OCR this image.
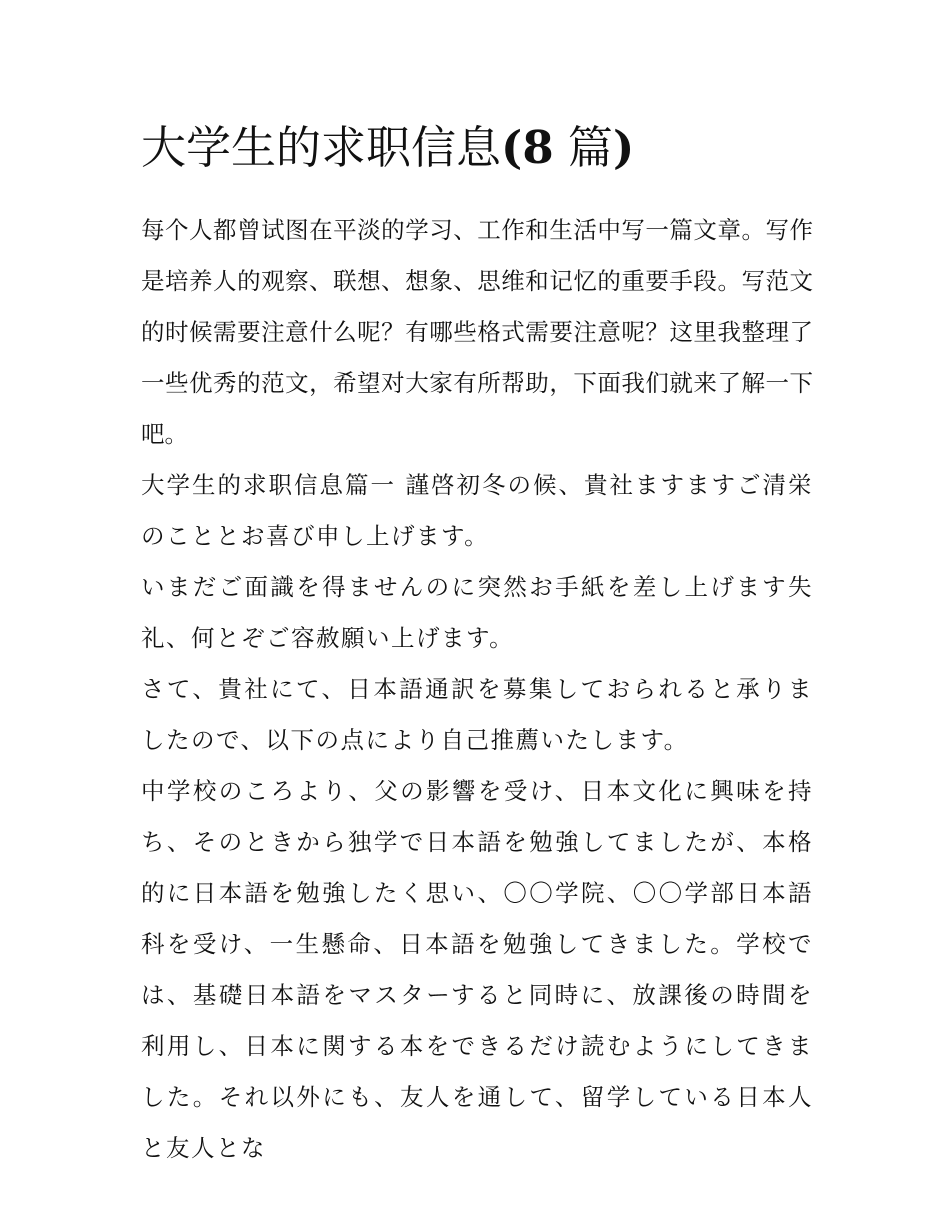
大学生的求职信息(8 篇)

每个人都曾试图在平淡的学习、工作和生活中写一篇文章。写作是培养人的观察、联想、想象、思维和记忆的重要手段。写范文的时候需要注意什么呢？有哪些格式需要注意呢？这里我整理了一些优秀的范文，希望对大家有所帮助，下面我们就来了解一下吧。

大学生的求职信息篇一 謹啓初冬の候、貴社ますますご清栄のこととお喜び申し上げます。

いまだご面識を得ませんのに突然お手紙を差し上げます失礼、何とぞご容赦願い上げます。

さて、貴社にて、日本語通訳を募集しておられると承りましたので、以下の点により自己推薦いたします。

中学校のころより、父の影響を受け、日本文化に興味を持ち、そのときから独学で日本語を勉強してましたが、本格的に日本語を勉強したく思い、〇〇学院、〇〇学部日本語科を受け、一生懸命、日本語を勉強してきました。学校では、基礎日本語をマスターすると同時に、放課後の時間を利用し、日本に関する本をできるだけ読むようにしてきました。それ以外にも、友人を通して、留学している日本人と友人とな
